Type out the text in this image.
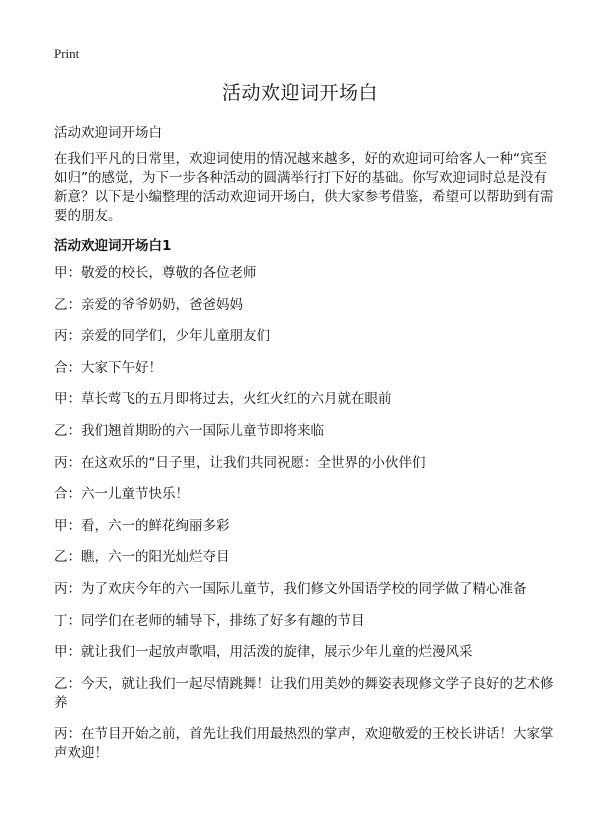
Print
活动欢迎词开场白
活动欢迎词开场白

在我们平凡的日常里，欢迎词使用的情况越来越多，好的欢迎词可给客人一种“宾至如归”的感觉，为下一步各种活动的圆满举行打下好的基础。你写欢迎词时总是没有新意？以下是小编整理的活动欢迎词开场白，供大家参考借鉴，希望可以帮助到有需要的朋友。

活动欢迎词开场白1
甲：敬爱的校长，尊敬的各位老师
乙：亲爱的爷爷奶奶，爸爸妈妈
丙：亲爱的同学们，少年儿童朋友们
合：大家下午好！
甲：草长莺飞的五月即将过去，火红火红的六月就在眼前
乙：我们翘首期盼的六一国际儿童节即将来临
丙：在这欢乐的“日子里，让我们共同祝愿：全世界的小伙伴们
合：六一儿童节快乐！
甲：看，六一的鲜花绚丽多彩
乙：瞧，六一的阳光灿烂夺目
丙：为了欢庆今年的六一国际儿童节，我们修文外国语学校的同学做了精心准备
丁：同学们在老师的辅导下，排练了好多有趣的节目
甲：就让我们一起放声歌唱，用活泼的旋律，展示少年儿童的烂漫风采
乙：今天，就让我们一起尽情跳舞！让我们用美妙的舞姿表现修文学子良好的艺术修养
丙：在节目开始之前，首先让我们用最热烈的掌声，欢迎敬爱的王校长讲话！大家掌声欢迎！
